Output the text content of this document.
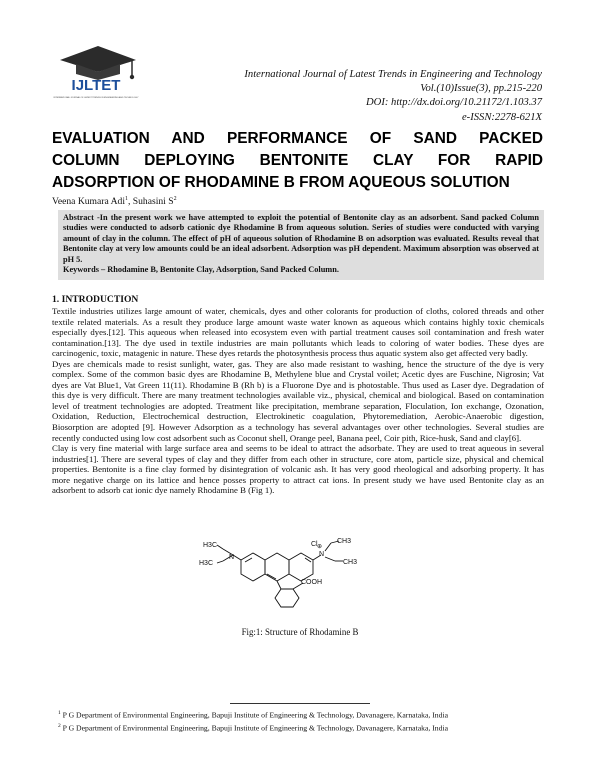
IJLTET
INTERNATIONAL JOURNAL OF LATEST TRENDS IN ENGINEERING AND TECHNOLOGY
International Journal of Latest Trends in Engineering and Technology
Vol.(10)Issue(3), pp.215-220
DOI: http://dx.doi.org/10.21172/1.103.37
e-ISSN:2278-621X
EVALUATION AND PERFORMANCE OF SAND PACKED
COLUMN DEPLOYING BENTONITE CLAY FOR RAPID
ADSORPTION OF RHODAMINE B FROM AQUEOUS SOLUTION
Veena Kumara Adi$^1$, Suhasini $S^2$
Abstract -In the present work we have attempted to exploit the potential of Bentonite clay as an adsorbent. Sand packed Column studies were conducted to adsorb cationic dye Rhodamine B from aqueous solution. Series of studies were conducted with varying amount of clay in the column. The effect of pH of aqueous solution of Rhodamine B on adsorption was evaluated. Results reveal that Bentonite clay at very low amounts could be an ideal adsorbent. Adsorption was pH dependent. Maximum absorption was observed at pH 5.
Keywords – Rhodamine B, Bentonite Clay, Adsorption, Sand Packed Column.
1. INTRODUCTION

Textile industries utilizes large amount of water, chemicals, dyes and other colorants for production of cloths, colored threads and other textile related materials. As a result they produce large amount waste water known as aqueous which contains highly toxic chemicals especially dyes.[12]. This aqueous when released into ecosystem even with partial treatment causes soil contamination and fresh water contamination.[13]. The dye used in textile industries are main pollutants which leads to coloring of water bodies. These dyes are carcinogenic, toxic, matagenic in nature. These dyes retards the photosynthesis process thus aquatic system also get affected very badly.

Dyes are chemicals made to resist sunlight, water, gas. They are also made resistant to washing, hence the structure of the dye is very complex. Some of the common basic dyes are Rhodamine B, Methylene blue and Crystal voilet; Acetic dyes are Fuschine, Nigrosin; Vat dyes are Vat Blue1, Vat Green 11(11). Rhodamine B (Rh b) is a Fluorone Dye and is photostable. Thus used as Laser dye. Degradation of this dye is very difficult. There are many treatment technologies available viz., physical, chemical and biological. Based on contamination level of treatment technologies are adopted. Treatment like precipitation, membrane separation, Floculation, Ion exchange, Ozonation, Oxidation, Reduction, Electrochemical destruction, Electrokinetic coagulation, Phytoremediation, Aerobic-Anaerobic digestion, Biosorption are adopted [9]. However Adsorption as a technology has several advantages over other technologies. Several studies are recently conducted using low cost adsorbent such as Coconut shell, Orange peel, Banana peel, Coir pith, Rice-husk, Sand and clay[6].

Clay is very fine material with large surface area and seems to be ideal to attract the adsorbate. They are used to treat aqueous in several industries[1]. There are several types of clay and they differ from each other in structure, core atom, particle size, physical and chemical properties. Bentonite is a fine clay formed by disintegration of volcanic ash. It has very good rheological and adsorbing property. It has more negative charge on its lattice and hence posses property to attract cat ions. In present study we have used Bentonite clay as an adsorbent to adsorb cat ionic dye namely Rhodamine B (Fig 1).

H3C
H3C
N	N
⊕
CH3
CH3
Cl
COOH
Fig:1: Structure of Rhodamine B
$^1$ P G Department of Environmental Engineering, Bapuji Institute of Engineering & Technology, Davanagere, Karnataka, India
$^2$ P G Department of Environmental Engineering, Bapuji Institute of Engineering & Technology, Davanagere, Karnataka, India
